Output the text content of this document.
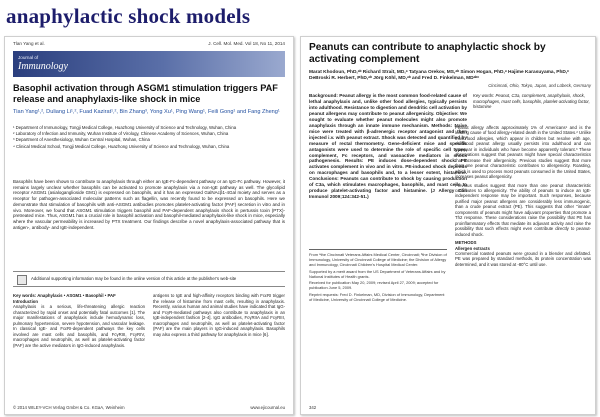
anaphylactic shock models
Tlan Yang et al.	J. Cell. Mol. Med. Vol 18, No 11, 2014
Journal of
Immunology
Basophil activation through ASGM1 stimulation triggers PAF release and anaphylaxis-like shock in mice
Tian Yang¹,², Duliang Li¹,², Fuad Kazirat¹,², Bin Zhang³, Yong Xu¹, Ping Wang¹, Feili Gong¹ and Fang Zheng¹
¹ Department of Immunology, Tongji Medical College, Huazhong University of Science and Technology, Wuhan, China
² Laboratory of Infection and Immunity, Wuhan Institute of Virology, Chinese Academy of Sciences, Wuhan, China
³ Department of Anesthesiology, Wuhan Central Hospital, Wuhan, China
⁴ Clinical Medical School, Tongji Medical College, Huazhong University of Science and Technology, Wuhan, China
Basophils have been shown to contribute to anaphylaxis through either an IgE-Fc-dependent pathway or an IgG-Fc pathway. However, it remains largely unclear whether basophils can be activated to promote anaphylaxis via a non-IgE pathway as well. The glycolipid receptor ASGM1 (asialoganglioside GM1) is expressed on basophils, and it has an expressed GalNAcβ1-4Gal moiety and serves as a receptor for pathogen-associated molecular patterns such as flagellin, was recently found to be expressed on basophils. Here we demonstrate that stimulation of basophils with anti-ASGM1 antibodies promotes platelet-activating factor (PAF) secretion in vitro and in vivo. Moreover, we found that ASGM1 stimulation triggers basophil and PAF-dependent anaphylaxis shock in pertussis toxin (PTX)-pretreated mice. Thus, ASGM1 has a crucial role in basophil activation and basophil-mediated anaphylaxis-like shock in mice, especially where the vascular permeability is increased by PTX treatment. Our findings describe a novel anaphylaxis-associated pathway that is antigen-, antibody- and IgE-independent.
Additional supporting information may be found in the online version of this article at the publisher's web-site
Key words: Anaphylaxis • ASGM1 • Basophil • PAF
Introduction
Anaphylaxis is a serious, life-threatening allergic reaction characterized by rapid onset and potentially fatal outcomes [1]. The major manifestations of anaphylaxis include hemodynamic loss, pulmonary hypertension, severe hypotension, and vascular leakage. In classical IgE- and FcεRI-dependent pathways the key cells involved are mast cells and basophils, and FcγRIII, FcγRIV, macrophages and neutrophils, as well as platelet-activating factor (PAF) are the active mediators in IgG-induced anaphylaxis.
antigens to IgE and high-affinity receptors binding with FcεRI trigger the release of histamine from mast cells, resulting in anaphylaxis. Recently, various human and animal studies have indicated that IgG- and FcγR-mediated pathways also contribute to anaphylaxis in an IgE-independent fashion [2-4]. IgG antibodies, FcγRIIA and FcγRIII, macrophages and neutrophils, as well as platelet-activating factor (PAF) are the main players in IgG-induced anaphylaxis. Basophils may also express a third pathway for anaphylaxis in mice [6].
© 2014 WILEY-VCH Verlag GmbH & Co. KGaA, Weinheim	www.ejicournal.eu
Peanuts can contribute to anaphylactic shock by activating complement
Marat Khodoun, PhD,ᵃᵇ Richard Strait, MD,ᵃ Tatyana Orekov, MS,ᵃᵇ Simon Hogan, PhD,ᵃ Hajime Karasuyama, PhD,ᵉ DeBroski R. Herbert, PhD,ᵃᵇ Jörg Köhl, MD,ᵃᵇ and Fred D. Finkelman, MDᵃᵇᶜ
Cincinnati, Ohio, Tokyo, Japan, and Lübeck, Germany
Background: Peanut allergy is the most common food-related cause of lethal anaphylaxis and, unlike other food allergies, typically persists into adulthood. Resistance to digestion and dendritic cell activation by peanut allergens may contribute to peanut allergenicity. Objective: We sought to evaluate whether peanut molecules might also promote anaphylaxis through an innate immune mechanism. Methods: Naive mice were treated with β-adrenergic receptor antagonist and then injected i.v. with peanut extract. Shock was detected and quantified by measure of rectal thermometry. Gene-deficient mice and specific antagonists were used to determine the role of specific cell types, complement, Fc receptors, and vasoactive mediators in shock pathogenesis. Results: PE induces dose-dependent shock. PE activates complement in vivo and in vitro. PE-induced shock depends on macrophages and basophils and, to a lesser extent, histamine. Conclusions: Peanuts can contribute to shock by causing production of C3a, which stimulates macrophages, basophils, and mast cells to produce platelet-activating factor and histamine. (J Allergy Clin Immunol 2009;124:342-51.)
Key words: Peanut, C3a, complement, anaphylaxis, shock, macrophages, mast cells, basophils, platelet-activating factor, histamine
Peanut allergy affects approximately 1% of Americans¹ and is the leading cause of food allergy-related death in the United States.² Unlike most food allergies, which appear in children but resolve with age, childhood peanut allergy usually persists into adulthood and can reappear in individuals who have become apparently tolerant.³ These observations suggest that peanuts might have special characteristics that increase their allergenicity. Previous studies suggest that more than one peanut characteristic contributes to allergenicity. Roasting, which is used to process most peanuts consumed in the United States, increases peanut allergenicity.
Previous studies suggest that more than one peanut characteristic contributes to allergenicity. The ability of peanuts to induce an IgE-independent response may be important. Such responses, because purified major peanut allergens are considerably less immunogenic, than a crude peanut extract (PE). This suggests that other "innate" components of peanuts might have adjuvant properties that promote a Th2 response. These considerations raise the possibility that PE has proinflammatory effects that mediate its adjuvant activity and raise the possibility that such effects might even contribute directly to peanut-induced shock.
METHODS
Allergen extracts
Commercial roasted peanuts were ground in a blender and defatted. PE was prepared by standard methods, its protein concentration was determined, and it was stored at -80°C until use.
From ᵃthe Cincinnati Veterans Affairs Medical Center, Cincinnati; ᵇthe Division of Immunology, University of Cincinnati College of Medicine; the Division of Allergy and Immunology, Cincinnati Children's Hospital Medical Center.
Supported by a merit award from the US Department of Veterans Affairs and by National Institutes of Health grants.
Received for publication May 20, 2009; revised April 27, 2009; accepted for publication June 5, 2009.
Reprint requests: Fred D. Finkelman, MD, Division of Immunology, Department of Medicine, University of Cincinnati College of Medicine.
342
